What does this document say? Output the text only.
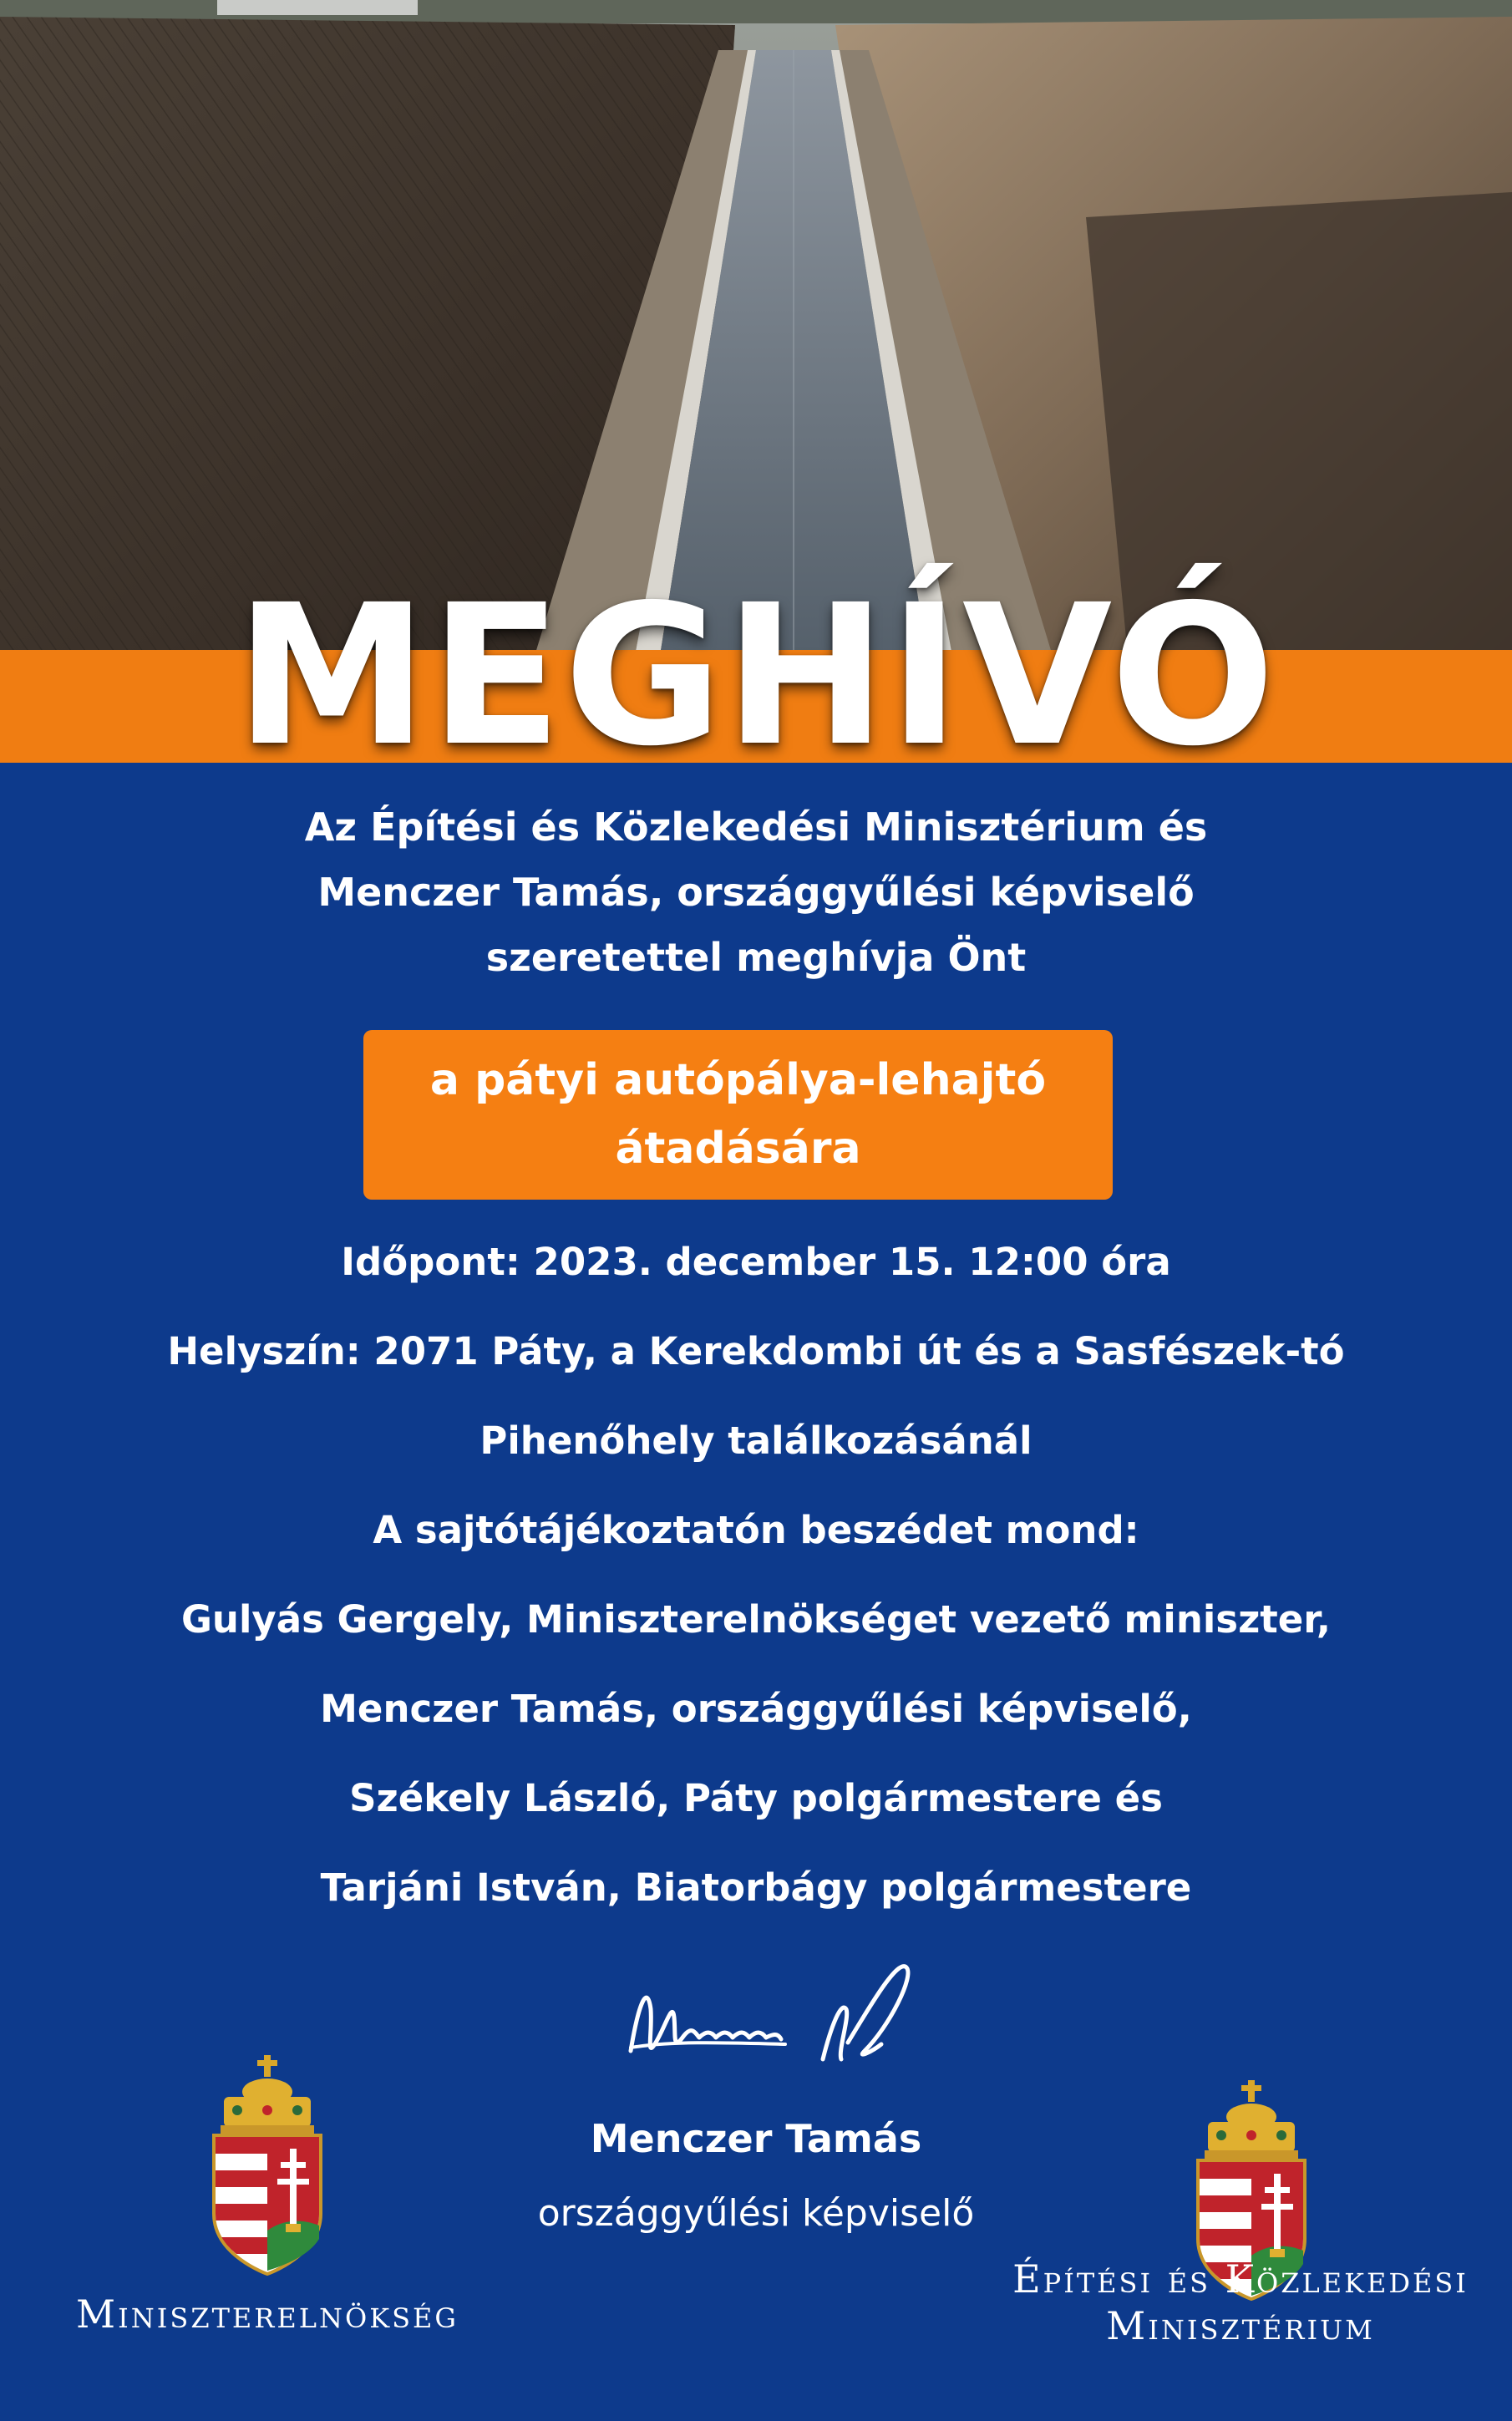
MEGHÍVÓ
Az Építési és Közlekedési Minisztérium és
Menczer Tamás, országgyűlési képviselő
szeretettel meghívja Önt
a pátyi autópálya-lehajtó
átadására
Időpont: 2023. december 15. 12:00 óra
Helyszín: 2071 Páty, a Kerekdombi út és a Sasfészek-tó
Pihenőhely találkozásánál
A sajtótájékoztatón beszédet mond:
Gulyás Gergely, Miniszterelnökséget vezető miniszter,
Menczer Tamás, országgyűlési képviselő,
Székely László, Páty polgármestere és
Tarjáni István, Biatorbágy polgármestere
Menczer Tamás
országgyűlési képviselő
Miniszterelnökség
Építési és Közlekedési
Minisztérium
